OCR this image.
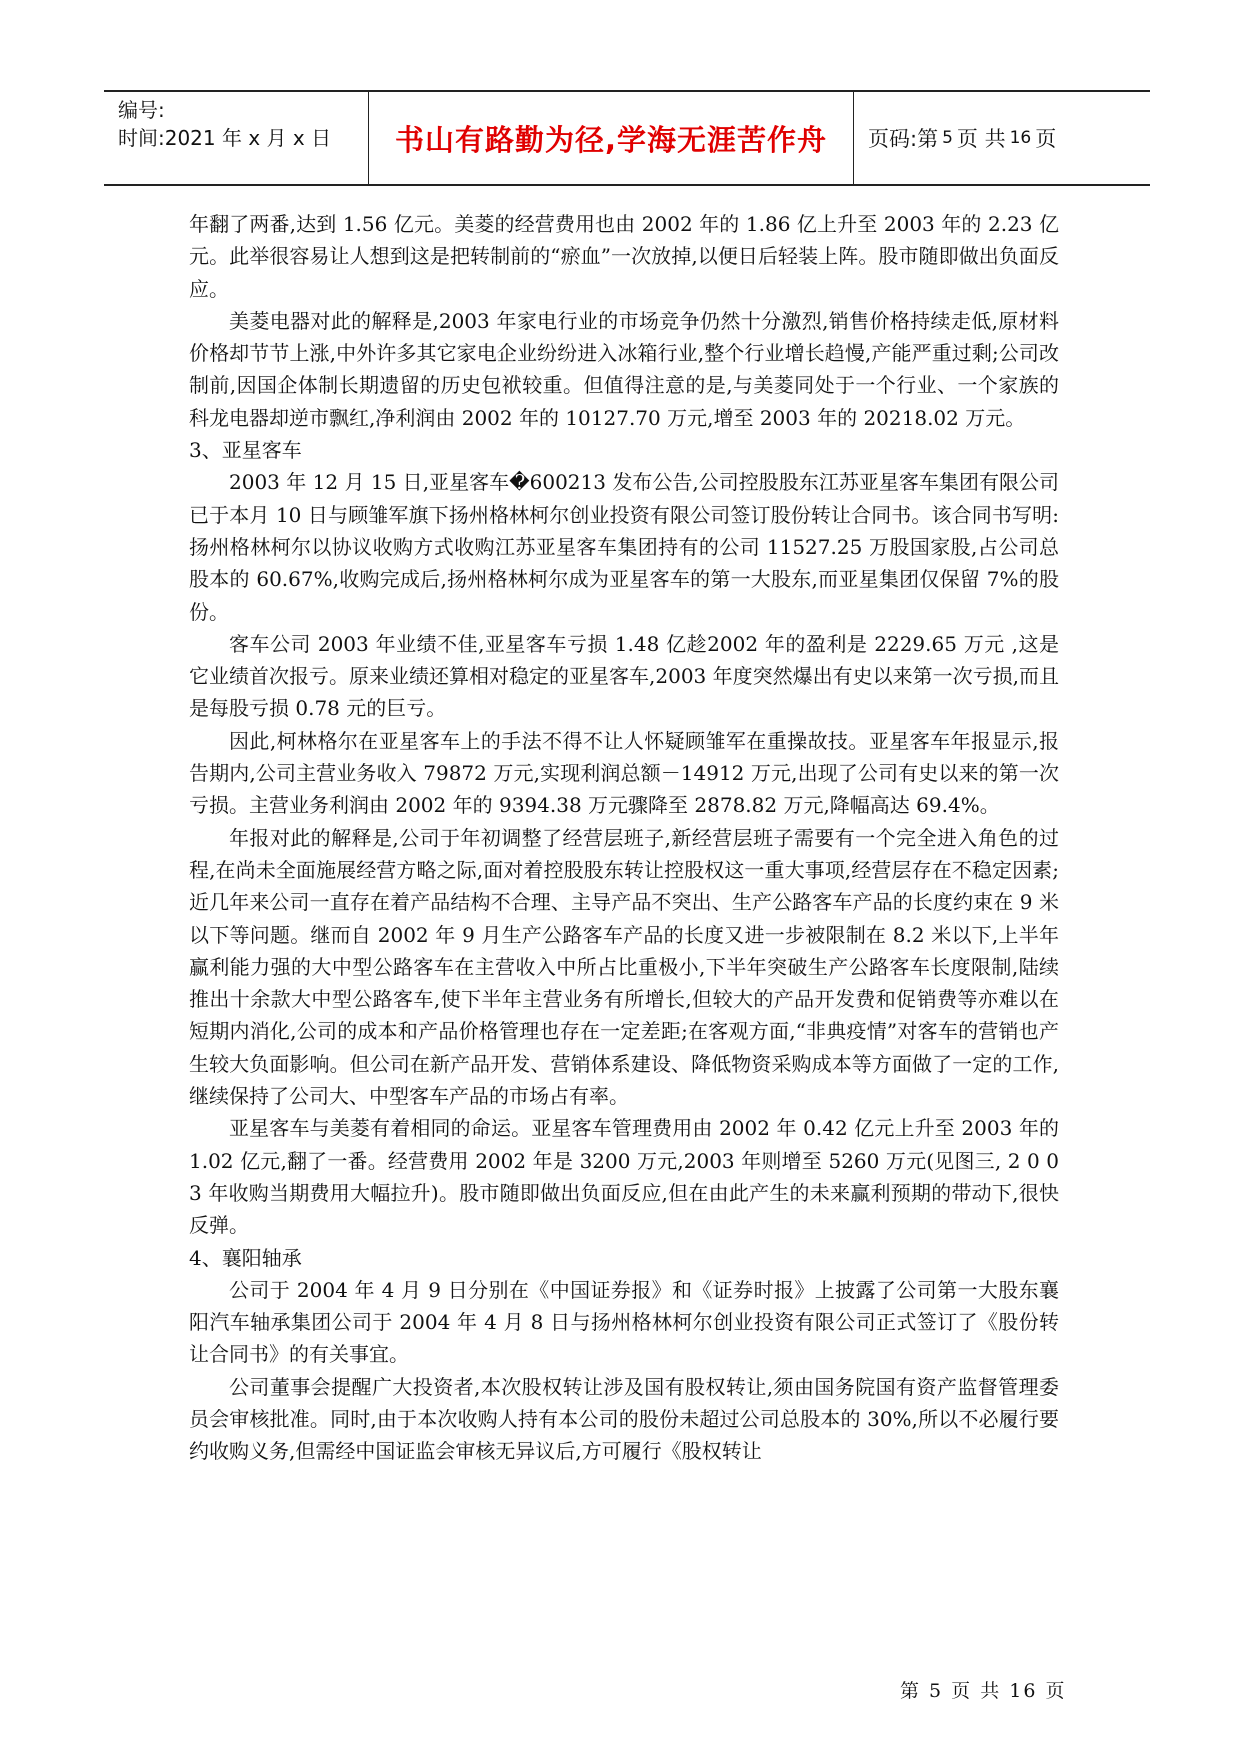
编号:
时间:2021 年 x 月 x 日	书山有路勤为径,学海无涯苦作舟	页码:第 5 页 共 16 页

年翻了两番,达到 1.56 亿元。美菱的经营费用也由 2002 年的 1.86 亿上升至 2003 年的 2.23 亿元。此举很容易让人想到这是把转制前的“瘀血”一次放掉,以便日后轻装上阵。股市随即做出负面反应。

美菱电器对此的解释是,2003 年家电行业的市场竞争仍然十分激烈,销售价格持续走低,原材料价格却节节上涨,中外许多其它家电企业纷纷进入冰箱行业,整个行业增长趋慢,产能严重过剩;公司改制前,因国企体制长期遗留的历史包袱较重。但值得注意的是,与美菱同处于一个行业、一个家族的科龙电器却逆市飘红,净利润由 2002 年的 10127.70 万元,增至 2003 年的 20218.02 万元。

3、亚星客车

2003 年 12 月 15 日,亚星客车�600213 发布公告,公司控股股东江苏亚星客车集团有限公司已于本月 10 日与顾雏军旗下扬州格林柯尔创业投资有限公司签订股份转让合同书。该合同书写明:扬州格林柯尔以协议收购方式收购江苏亚星客车集团持有的公司 11527.25 万股国家股,占公司总股本的 60.67%,收购完成后,扬州格林柯尔成为亚星客车的第一大股东,而亚星集团仅保留 7%的股份。

客车公司 2003 年业绩不佳,亚星客车亏损 1.48 亿趁2002 年的盈利是 2229.65 万元 ,这是它业绩首次报亏。原来业绩还算相对稳定的亚星客车,2003 年度突然爆出有史以来第一次亏损,而且是每股亏损 0.78 元的巨亏。

因此,柯林格尔在亚星客车上的手法不得不让人怀疑顾雏军在重操故技。亚星客车年报显示,报告期内,公司主营业务收入 79872 万元,实现利润总额－14912 万元,出现了公司有史以来的第一次亏损。主营业务利润由 2002 年的 9394.38 万元骤降至 2878.82 万元,降幅高达 69.4%。

年报对此的解释是,公司于年初调整了经营层班子,新经营层班子需要有一个完全进入角色的过程,在尚未全面施展经营方略之际,面对着控股股东转让控股权这一重大事项,经营层存在不稳定因素;近几年来公司一直存在着产品结构不合理、主导产品不突出、生产公路客车产品的长度约束在 9 米以下等问题。继而自 2002 年 9 月生产公路客车产品的长度又进一步被限制在 8.2 米以下,上半年赢利能力强的大中型公路客车在主营收入中所占比重极小,下半年突破生产公路客车长度限制,陆续推出十余款大中型公路客车,使下半年主营业务有所增长,但较大的产品开发费和促销费等亦难以在短期内消化,公司的成本和产品价格管理也存在一定差距;在客观方面,“非典疫情”对客车的营销也产生较大负面影响。但公司在新产品开发、营销体系建设、降低物资采购成本等方面做了一定的工作,继续保持了公司大、中型客车产品的市场占有率。

亚星客车与美菱有着相同的命运。亚星客车管理费用由 2002 年 0.42 亿元上升至 2003 年的 1.02 亿元,翻了一番。经营费用 2002 年是 3200 万元,2003 年则增至 5260 万元(见图三, 2 0 0 3 年收购当期费用大幅拉升)。股市随即做出负面反应,但在由此产生的未来赢利预期的带动下,很快反弹。

4、襄阳轴承

公司于 2004 年 4 月 9 日分别在《中国证券报》和《证券时报》上披露了公司第一大股东襄阳汽车轴承集团公司于 2004 年 4 月 8 日与扬州格林柯尔创业投资有限公司正式签订了《股份转让合同书》的有关事宜。

公司董事会提醒广大投资者,本次股权转让涉及国有股权转让,须由国务院国有资产监督管理委员会审核批准。同时,由于本次收购人持有本公司的股份未超过公司总股本的 30%,所以不必履行要约收购义务,但需经中国证监会审核无异议后,方可履行《股权转让

第 5 页 共 16 页
